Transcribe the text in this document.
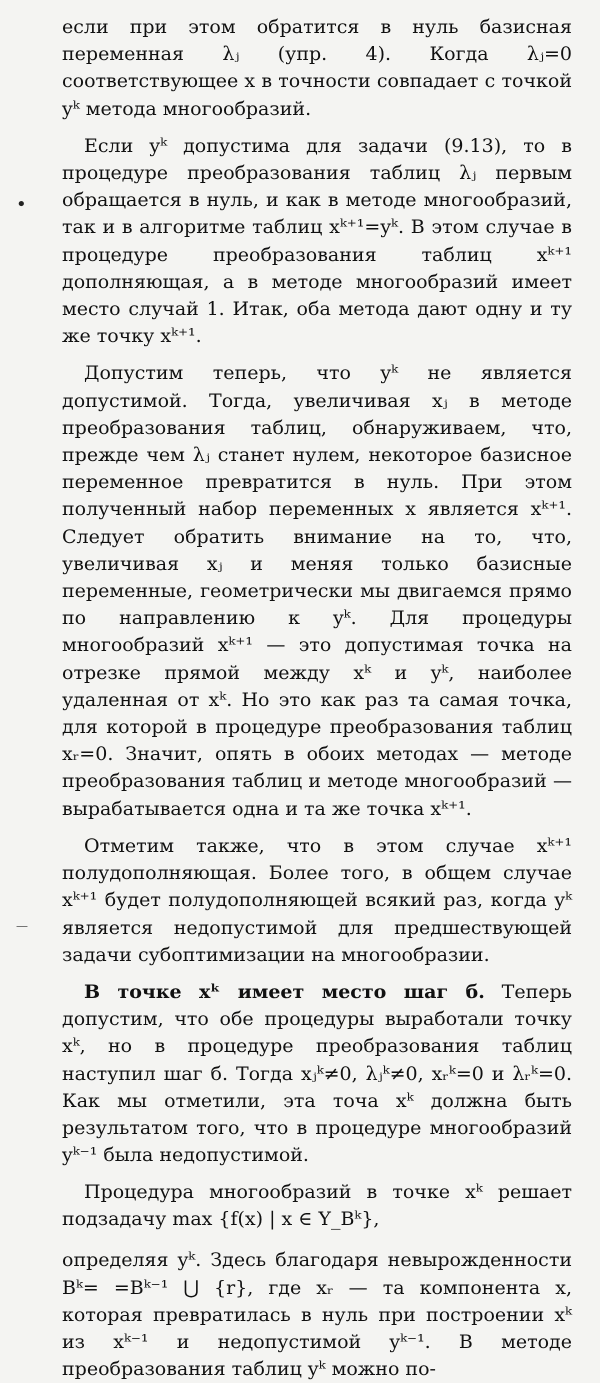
•

если при этом обратится в нуль базисная переменная λⱼ (упр. 4). Когда λⱼ=0 соответствующее x в точности совпадает с точкой yᵏ метода многообразий.

Если yᵏ допустима для задачи (9.13), то в процедуре преобразования таблиц λⱼ первым обращается в нуль, и как в методе многообразий, так и в алгоритме таблиц xᵏ⁺¹=yᵏ. В этом случае в процедуре преобразования таблиц xᵏ⁺¹ дополняющая, а в методе многообразий имеет место случай 1. Итак, оба метода дают одну и ту же точку xᵏ⁺¹.

Допустим теперь, что yᵏ не является допустимой. Тогда, увеличивая xⱼ в методе преобразования таблиц, обнаруживаем, что, прежде чем λⱼ станет нулем, некоторое базисное переменное превратится в нуль. При этом полученный набор переменных x является xᵏ⁺¹. Следует обратить внимание на то, что, увеличивая xⱼ и меняя только базисные переменные, геометрически мы двигаемся прямо по направлению к yᵏ. Для процедуры многообразий xᵏ⁺¹ — это допустимая точка на отрезке прямой между xᵏ и yᵏ, наиболее удаленная от xᵏ. Но это как раз та самая точка, для которой в процедуре преобразования таблиц xᵣ=0. Значит, опять в обоих методах — методе преобразования таблиц и методе многообразий — вырабатывается одна и та же точка xᵏ⁺¹.

Отметим также, что в этом случае xᵏ⁺¹ полудополняющая. Более того, в общем случае xᵏ⁺¹ будет полудополняющей всякий раз, когда yᵏ является недопустимой для предшествующей задачи субоптимизации на многообразии.

В точке xᵏ имеет место шаг б. Теперь допустим, что обе процедуры выработали точку xᵏ, но в процедуре преобразования таблиц наступил шаг б. Тогда xⱼᵏ≠0, λⱼᵏ≠0, xᵣᵏ=0 и λᵣᵏ=0. Как мы отметили, эта точа xᵏ должна быть результатом того, что в процедуре многообразий yᵏ⁻¹ была недопустимой.

Процедура многообразий в точке xᵏ решает подзадачу max {f(x) | x ∈ Y_Bᵏ},

определяя yᵏ. Здесь благодаря невырожденности Bᵏ= =Bᵏ⁻¹ ⋃ {r}, где xᵣ — та компонента x, которая превратилась в нуль при построении xᵏ из xᵏ⁻¹ и недопустимой yᵏ⁻¹. В методе преобразования таблиц yᵏ можно по-

—
